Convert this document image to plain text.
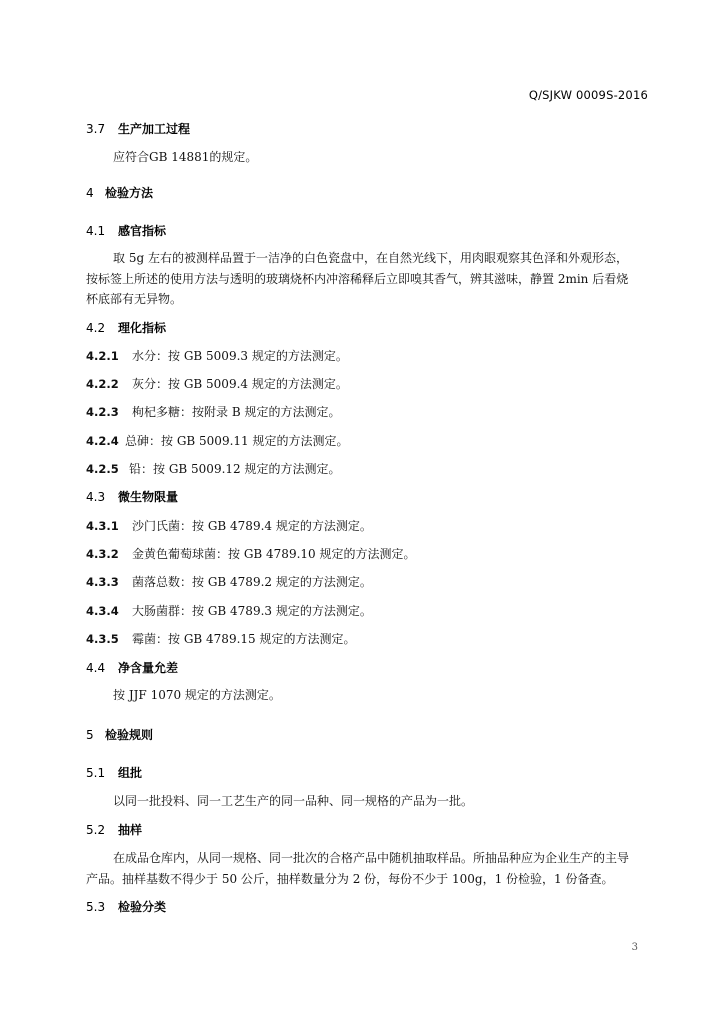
Q/SJKW 0009S-2016
3.7 生产加工过程
应符合GB 14881的规定。
4 检验方法
4.1 感官指标
取 5g 左右的被测样品置于一洁净的白色瓷盘中，在自然光线下，用肉眼观察其色泽和外观形态，
按标签上所述的使用方法与透明的玻璃烧杯内冲溶稀释后立即嗅其香气，辨其滋味，静置 2min 后看烧
杯底部有无异物。
4.2 理化指标
4.2.1 水分：按 GB 5009.3 规定的方法测定。
4.2.2 灰分：按 GB 5009.4 规定的方法测定。
4.2.3 枸杞多糖：按附录 B 规定的方法测定。
4.2.4 总砷：按 GB 5009.11 规定的方法测定。
4.2.5 铅：按 GB 5009.12 规定的方法测定。
4.3 微生物限量
4.3.1 沙门氏菌：按 GB 4789.4 规定的方法测定。
4.3.2 金黄色葡萄球菌：按 GB 4789.10 规定的方法测定。
4.3.3 菌落总数：按 GB 4789.2 规定的方法测定。
4.3.4 大肠菌群：按 GB 4789.3 规定的方法测定。
4.3.5 霉菌：按 GB 4789.15 规定的方法测定。
4.4 净含量允差
按 JJF 1070 规定的方法测定。
5 检验规则
5.1 组批
以同一批投料、同一工艺生产的同一品种、同一规格的产品为一批。
5.2 抽样
在成品仓库内，从同一规格、同一批次的合格产品中随机抽取样品。所抽品种应为企业生产的主导
产品。抽样基数不得少于 50 公斤，抽样数量分为 2 份，每份不少于 100g，1 份检验，1 份备查。
5.3 检验分类
3
